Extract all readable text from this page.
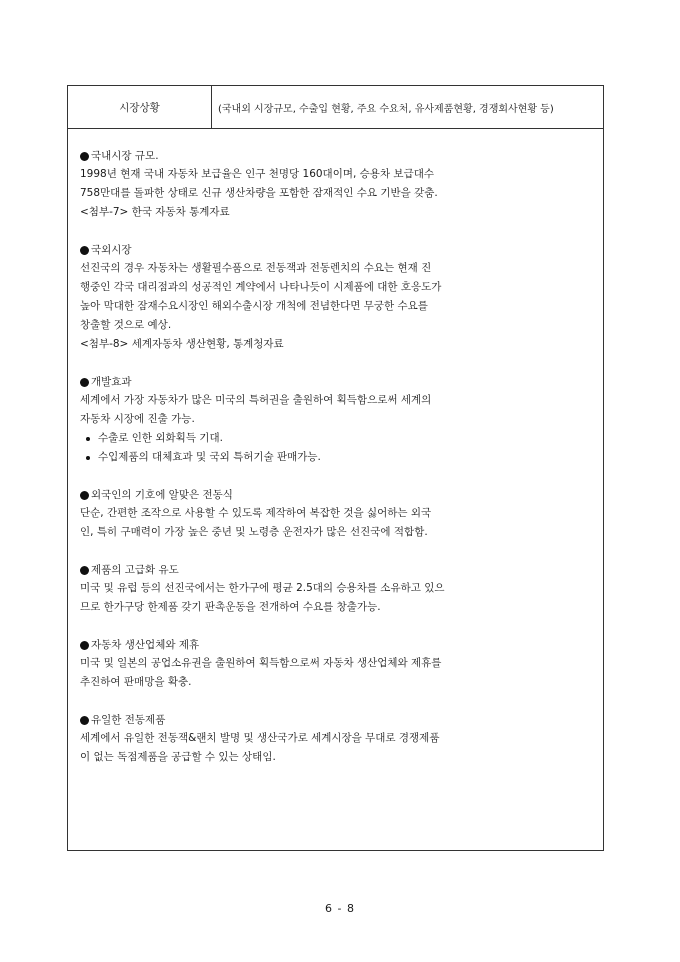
시장상황	(국내외 시장규모, 수출입 현황, 주요 수요처, 유사제품현황, 경쟁회사현황 등)
국내시장 규모.
1998년 현재 국내 자동차 보급율은 인구 천명당 160대이며, 승용차 보급대수
758만대를 돌파한 상태로 신규 생산차량을 포함한 잠재적인 수요 기반을 갖춤.
<첨부-7> 한국 자동차 통계자료
국외시장
선진국의 경우 자동차는 생활필수품으로 전동잭과 전동렌치의 수요는 현재 진
행중인 각국 대리점과의 성공적인 계약에서 나타나듯이 시제품에 대한 호응도가
높아 막대한 잠재수요시장인 해외수출시장 개척에 전념한다면 무궁한 수요를
창출할 것으로 예상.
<첨부-8> 세계자동차 생산현황, 통계청자료
개발효과
세계에서 가장 자동차가 많은 미국의 특허권을 출원하여 획득함으로써 세계의
자동차 시장에 진출 가능.
수출로 인한 외화획득 기대.
수입제품의 대체효과 및 국외 특허기술 판매가능.
외국인의 기호에 알맞은 전동식
단순, 간편한 조작으로 사용할 수 있도록 제작하여 복잡한 것을 싫어하는 외국
인, 특히 구매력이 가장 높은 중년 및 노령층 운전자가 많은 선진국에 적합함.
제품의 고급화 유도
미국 및 유럽 등의 선진국에서는 한가구에 평균 2.5대의 승용차를 소유하고 있으
므로 한가구당 한제품 갖기 판촉운동을 전개하여 수요를 창출가능.
자동차 생산업체와 제휴
미국 및 일본의 공업소유권을 출원하여 획득함으로써 자동차 생산업체와 제휴를
추진하여 판매망을 확충.
유일한 전동제품
세계에서 유일한 전동잭&랜치 발명 및 생산국가로 세계시장을 무대로 경쟁제품
이 없는 독점제품을 공급할 수 있는 상태임.
6 - 8
